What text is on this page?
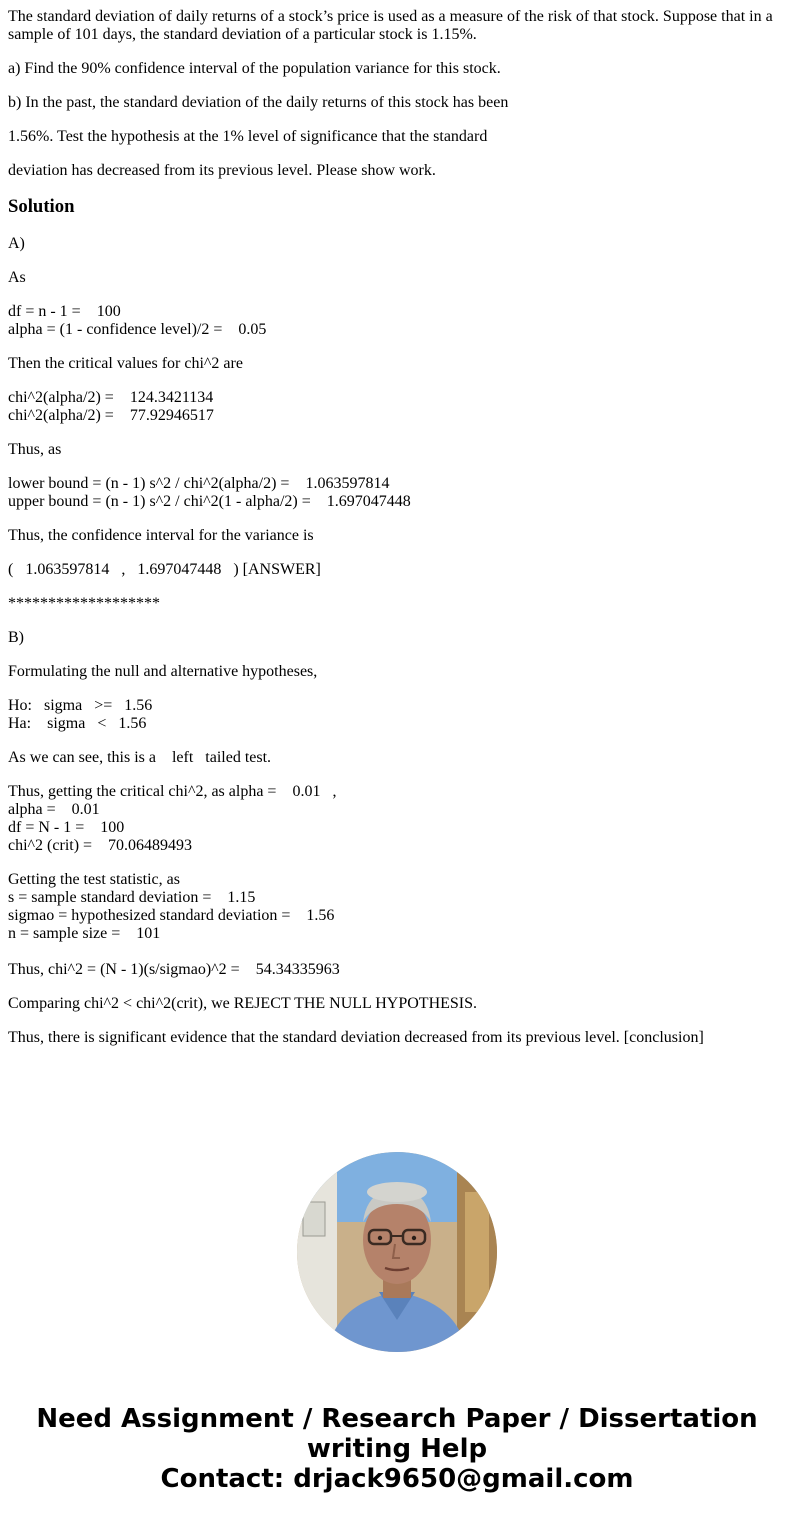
The standard deviation of daily returns of a stock’s price is used as a measure of the risk of that stock. Suppose that in a sample of 101 days, the standard deviation of a particular stock is 1.15%.

a) Find the 90% confidence interval of the population variance for this stock.

b) In the past, the standard deviation of the daily returns of this stock has been

1.56%. Test the hypothesis at the 1% level of significance that the standard

deviation has decreased from its previous level. Please show work.

Solution

A)

As

df = n - 1 =    100
alpha = (1 - confidence level)/2 =    0.05

Then the critical values for chi^2 are

chi^2(alpha/2) =    124.3421134
chi^2(alpha/2) =    77.92946517

Thus, as

lower bound = (n - 1) s^2 / chi^2(alpha/2) =    1.063597814
upper bound = (n - 1) s^2 / chi^2(1 - alpha/2) =    1.697047448

Thus, the confidence interval for the variance is

(   1.063597814   ,   1.697047448   ) [ANSWER]

*******************

B)

Formulating the null and alternative hypotheses,

Ho:   sigma   >=   1.56
Ha:    sigma   <   1.56

As we can see, this is a    left   tailed test.

Thus, getting the critical chi^2, as alpha =    0.01   ,
alpha =    0.01
df = N - 1 =    100
chi^2 (crit) =    70.06489493

Getting the test statistic, as
s = sample standard deviation =    1.15
sigmao = hypothesized standard deviation =    1.56
n = sample size =    101

Thus, chi^2 = (N - 1)(s/sigmao)^2 =    54.34335963

Comparing chi^2 < chi^2(crit), we REJECT THE NULL HYPOTHESIS.

Thus, there is significant evidence that the standard deviation decreased from its previous level. [conclusion]

Need Assignment / Research Paper / Dissertation
writing Help
Contact: drjack9650@gmail.com
